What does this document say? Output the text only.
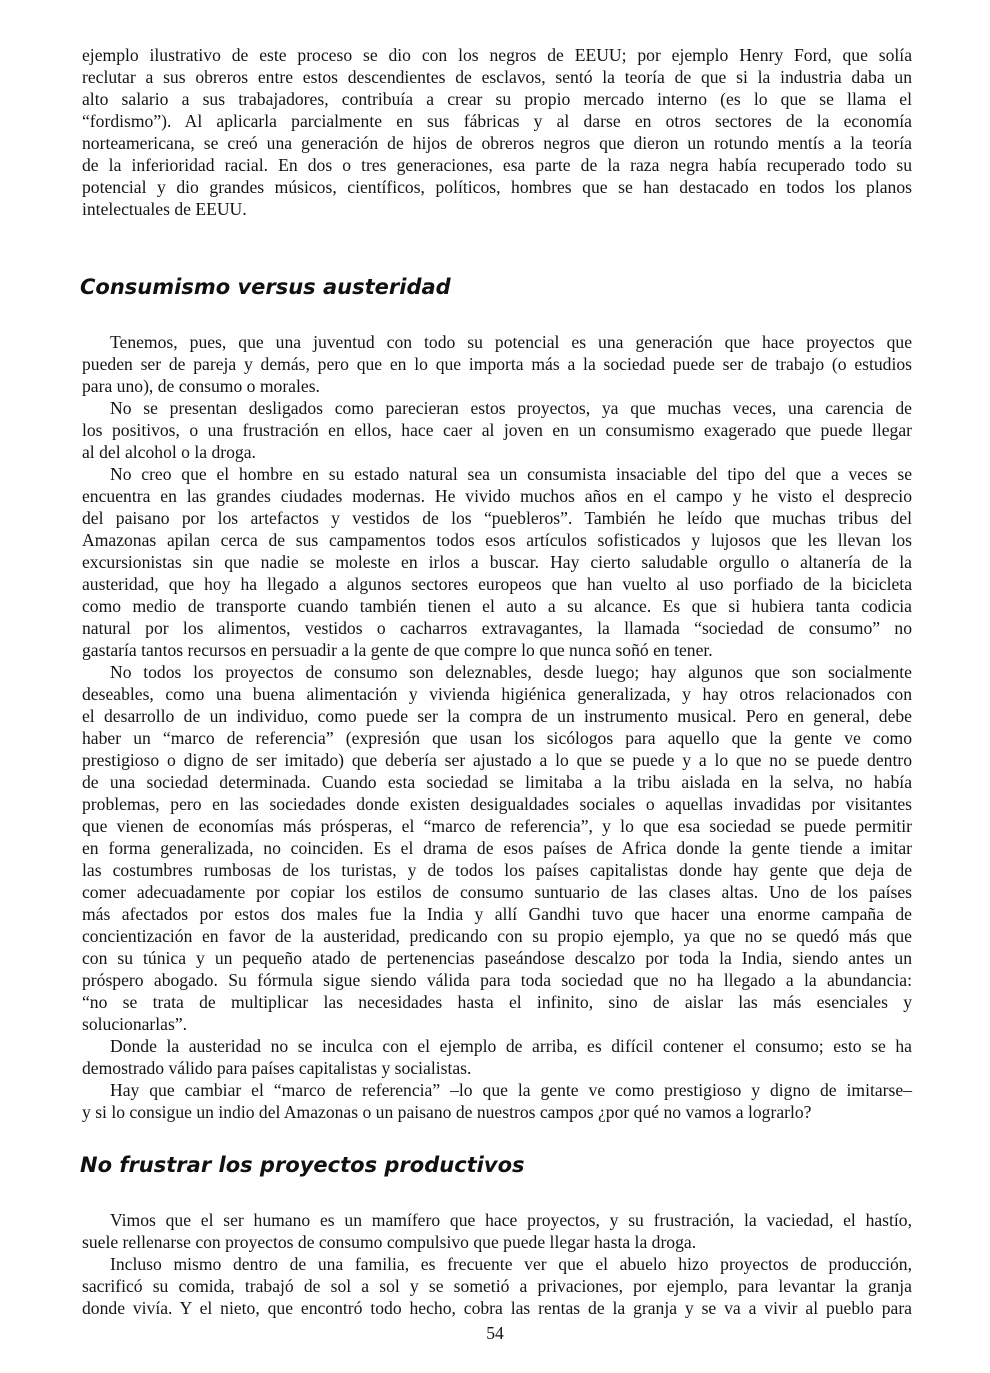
ejemplo ilustrativo de este proceso se dio con los negros de EEUU; por ejemplo Henry Ford, que solía
reclutar a sus obreros entre estos descendientes de esclavos, sentó la teoría de que si la industria daba un
alto salario a sus trabajadores, contribuía a crear su propio mercado interno (es lo que se llama el
“fordismo”). Al aplicarla parcialmente en sus fábricas y al darse en otros sectores de la economía
norteamericana, se creó una generación de hijos de obreros negros que dieron un rotundo mentís a la teoría
de la inferioridad racial. En dos o tres generaciones, esa parte de la raza negra había recuperado todo su
potencial y dio grandes músicos, científicos, políticos, hombres que se han destacado en todos los planos
intelectuales de EEUU.
Consumismo versus austeridad
Tenemos, pues, que una juventud con todo su potencial es una generación que hace proyectos que
pueden ser de pareja y demás, pero que en lo que importa más a la sociedad puede ser de trabajo (o estudios
para uno), de consumo o morales.
No se presentan desligados como parecieran estos proyectos, ya que muchas veces, una carencia de
los positivos, o una frustración en ellos, hace caer al joven en un consumismo exagerado que puede llegar
al del alcohol o la droga.
No creo que el hombre en su estado natural sea un consumista insaciable del tipo del que a veces se
encuentra en las grandes ciudades modernas. He vivido muchos años en el campo y he visto el desprecio
del paisano por los artefactos y vestidos de los “puebleros”. También he leído que muchas tribus del
Amazonas apilan cerca de sus campamentos todos esos artículos sofisticados y lujosos que les llevan los
excursionistas sin que nadie se moleste en irlos a buscar. Hay cierto saludable orgullo o altanería de la
austeridad, que hoy ha llegado a algunos sectores europeos que han vuelto al uso porfiado de la bicicleta
como medio de transporte cuando también tienen el auto a su alcance. Es que si hubiera tanta codicia
natural por los alimentos, vestidos o cacharros extravagantes, la llamada “sociedad de consumo” no
gastaría tantos recursos en persuadir a la gente de que compre lo que nunca soñó en tener.
No todos los proyectos de consumo son deleznables, desde luego; hay algunos que son socialmente
deseables, como una buena alimentación y vivienda higiénica generalizada, y hay otros relacionados con
el desarrollo de un individuo, como puede ser la compra de un instrumento musical. Pero en general, debe
haber un “marco de referencia” (expresión que usan los sicólogos para aquello que la gente ve como
prestigioso o digno de ser imitado) que debería ser ajustado a lo que se puede y a lo que no se puede dentro
de una sociedad determinada. Cuando esta sociedad se limitaba a la tribu aislada en la selva, no había
problemas, pero en las sociedades donde existen desigualdades sociales o aquellas invadidas por visitantes
que vienen de economías más prósperas, el “marco de referencia”, y lo que esa sociedad se puede permitir
en forma generalizada, no coinciden. Es el drama de esos países de Africa donde la gente tiende a imitar
las costumbres rumbosas de los turistas, y de todos los países capitalistas donde hay gente que deja de
comer adecuadamente por copiar los estilos de consumo suntuario de las clases altas. Uno de los países
más afectados por estos dos males fue la India y allí Gandhi tuvo que hacer una enorme campaña de
concientización en favor de la austeridad, predicando con su propio ejemplo, ya que no se quedó más que
con su túnica y un pequeño atado de pertenencias paseándose descalzo por toda la India, siendo antes un
próspero abogado. Su fórmula sigue siendo válida para toda sociedad que no ha llegado a la abundancia:
“no se trata de multiplicar las necesidades hasta el infinito, sino de aislar las más esenciales y
solucionarlas”.
Donde la austeridad no se inculca con el ejemplo de arriba, es difícil contener el consumo; esto se ha
demostrado válido para países capitalistas y socialistas.
Hay que cambiar el “marco de referencia” –lo que la gente ve como prestigioso y digno de imitarse–
y si lo consigue un indio del Amazonas o un paisano de nuestros campos ¿por qué no vamos a lograrlo?
No frustrar los proyectos productivos
Vimos que el ser humano es un mamífero que hace proyectos, y su frustración, la vaciedad, el hastío,
suele rellenarse con proyectos de consumo compulsivo que puede llegar hasta la droga.
Incluso mismo dentro de una familia, es frecuente ver que el abuelo hizo proyectos de producción,
sacrificó su comida, trabajó de sol a sol y se sometió a privaciones, por ejemplo, para levantar la granja
donde vivía. Y el nieto, que encontró todo hecho, cobra las rentas de la granja y se va a vivir al pueblo para
54
